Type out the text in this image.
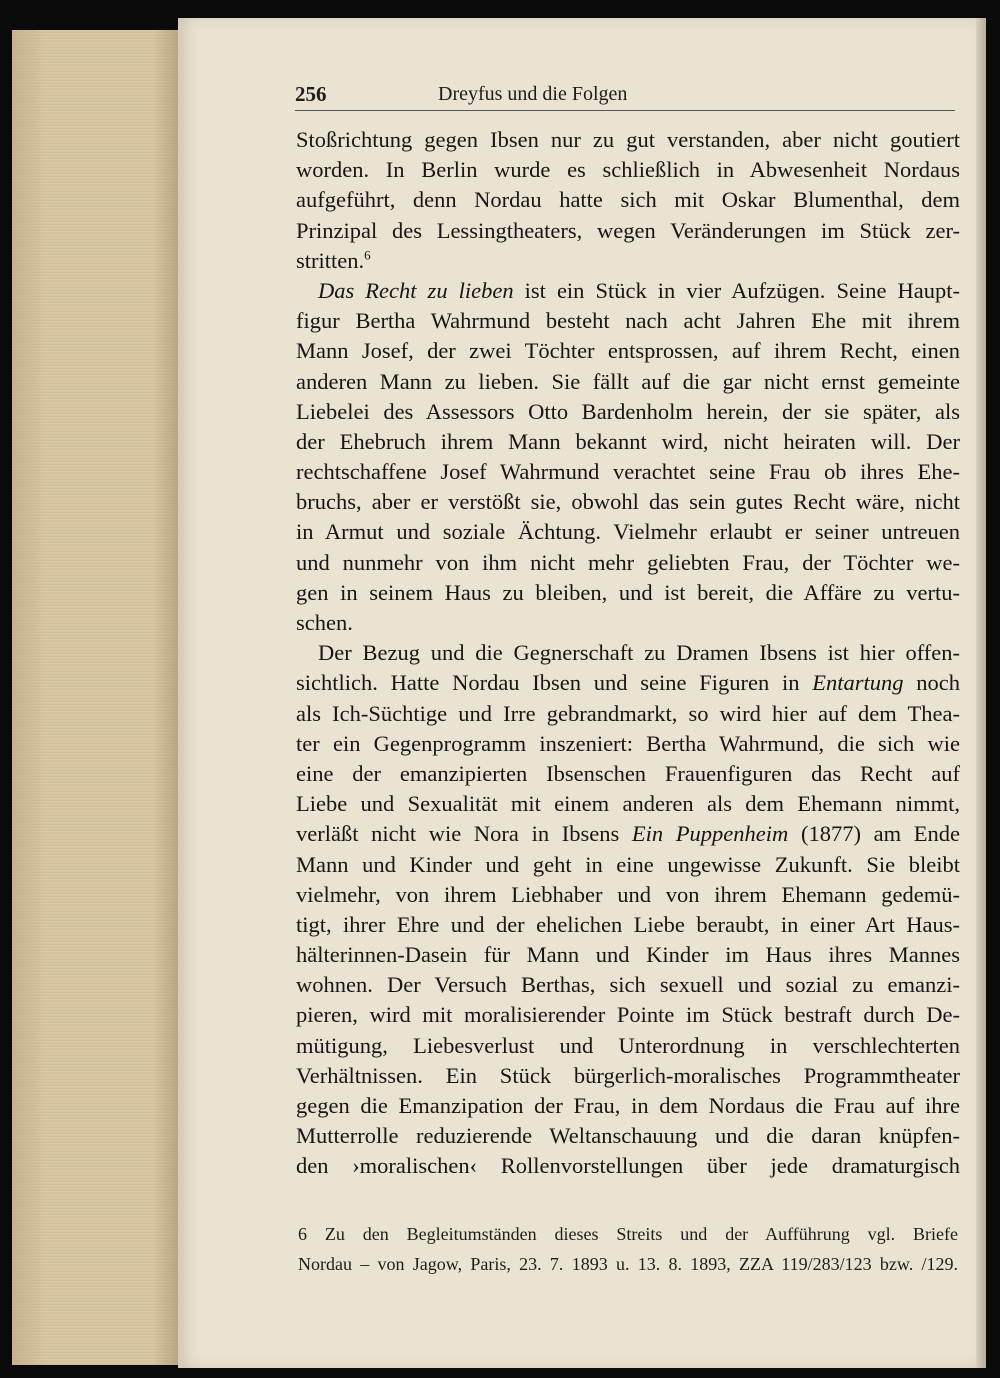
256	Dreyfus und die Folgen
Stoßrichtung gegen Ibsen nur zu gut verstanden, aber nicht goutiert
worden. In Berlin wurde es schließlich in Abwesenheit Nordaus
aufgeführt, denn Nordau hatte sich mit Oskar Blumenthal, dem
Prinzipal des Lessingtheaters, wegen Veränderungen im Stück zer-
stritten.$^6$
Das Recht zu lieben ist ein Stück in vier Aufzügen. Seine Haupt-
figur Bertha Wahrmund besteht nach acht Jahren Ehe mit ihrem
Mann Josef, der zwei Töchter entsprossen, auf ihrem Recht, einen
anderen Mann zu lieben. Sie fällt auf die gar nicht ernst gemeinte
Liebelei des Assessors Otto Bardenholm herein, der sie später, als
der Ehebruch ihrem Mann bekannt wird, nicht heiraten will. Der
rechtschaffene Josef Wahrmund verachtet seine Frau ob ihres Ehe-
bruchs, aber er verstößt sie, obwohl das sein gutes Recht wäre, nicht
in Armut und soziale Ächtung. Vielmehr erlaubt er seiner untreuen
und nunmehr von ihm nicht mehr geliebten Frau, der Töchter we-
gen in seinem Haus zu bleiben, und ist bereit, die Affäre zu vertu-
schen.
Der Bezug und die Gegnerschaft zu Dramen Ibsens ist hier offen-
sichtlich. Hatte Nordau Ibsen und seine Figuren in Entartung noch
als Ich-Süchtige und Irre gebrandmarkt, so wird hier auf dem Thea-
ter ein Gegenprogramm inszeniert: Bertha Wahrmund, die sich wie
eine der emanzipierten Ibsenschen Frauenfiguren das Recht auf
Liebe und Sexualität mit einem anderen als dem Ehemann nimmt,
verläßt nicht wie Nora in Ibsens Ein Puppenheim (1877) am Ende
Mann und Kinder und geht in eine ungewisse Zukunft. Sie bleibt
vielmehr, von ihrem Liebhaber und von ihrem Ehemann gedemü-
tigt, ihrer Ehre und der ehelichen Liebe beraubt, in einer Art Haus-
hälterinnen-Dasein für Mann und Kinder im Haus ihres Mannes
wohnen. Der Versuch Berthas, sich sexuell und sozial zu emanzi-
pieren, wird mit moralisierender Pointe im Stück bestraft durch De-
mütigung, Liebesverlust und Unterordnung in verschlechterten
Verhältnissen. Ein Stück bürgerlich-moralisches Programmtheater
gegen die Emanzipation der Frau, in dem Nordaus die Frau auf ihre
Mutterrolle reduzierende Weltanschauung und die daran knüpfen-
den ›moralischen‹ Rollenvorstellungen über jede dramaturgisch
6 Zu den Begleitumständen dieses Streits und der Aufführung vgl. Briefe
Nordau – von Jagow, Paris, 23. 7. 1893 u. 13. 8. 1893, ZZA 119/283/123 bzw. /129.
